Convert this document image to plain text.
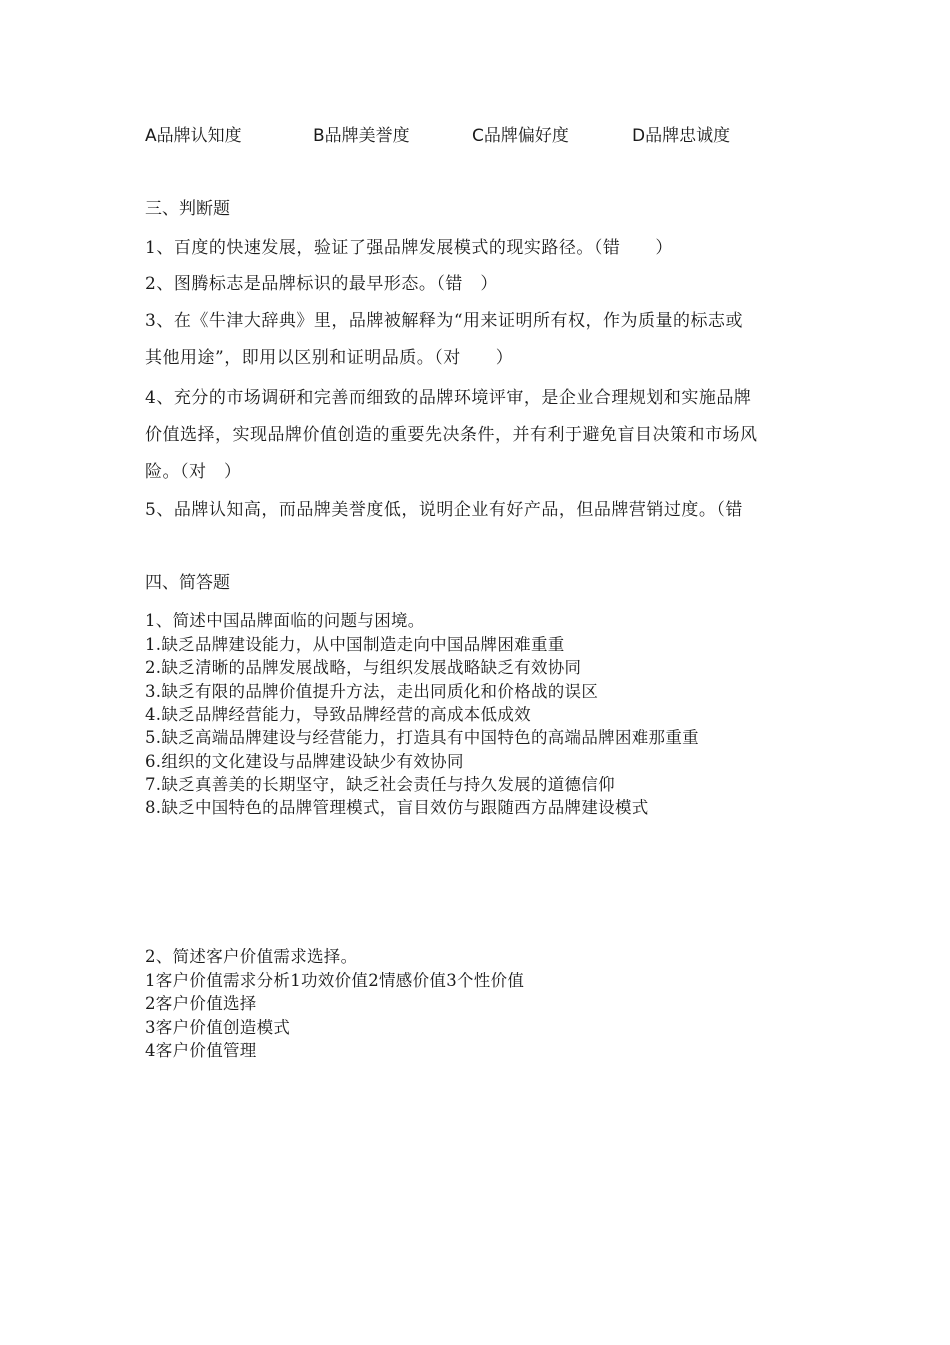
A品牌认知度	B品牌美誉度	C品牌偏好度	D品牌忠诚度
三、判断题
1、百度的快速发展，验证了强品牌发展模式的现实路径。（错　　）
2、图腾标志是品牌标识的最早形态。（错　）
3、在《牛津大辞典》里，品牌被解释为“用来证明所有权，作为质量的标志或
其他用途”，即用以区别和证明品质。（对　　）
4、充分的市场调研和完善而细致的品牌环境评审，是企业合理规划和实施品牌
价值选择，实现品牌价值创造的重要先决条件，并有利于避免盲目决策和市场风
险。（对　）
5、品牌认知高，而品牌美誉度低，说明企业有好产品，但品牌营销过度。（错
四、简答题
1、简述中国品牌面临的问题与困境。
1.缺乏品牌建设能力，从中国制造走向中国品牌困难重重
2.缺乏清晰的品牌发展战略，与组织发展战略缺乏有效协同
3.缺乏有限的品牌价值提升方法，走出同质化和价格战的误区
4.缺乏品牌经营能力，导致品牌经营的高成本低成效
5.缺乏高端品牌建设与经营能力，打造具有中国特色的高端品牌困难那重重
6.组织的文化建设与品牌建设缺少有效协同
7.缺乏真善美的长期坚守，缺乏社会责任与持久发展的道德信仰
8.缺乏中国特色的品牌管理模式，盲目效仿与跟随西方品牌建设模式
2、简述客户价值需求选择。
1客户价值需求分析1功效价值2情感价值3个性价值
2客户价值选择
3客户价值创造模式
4客户价值管理
